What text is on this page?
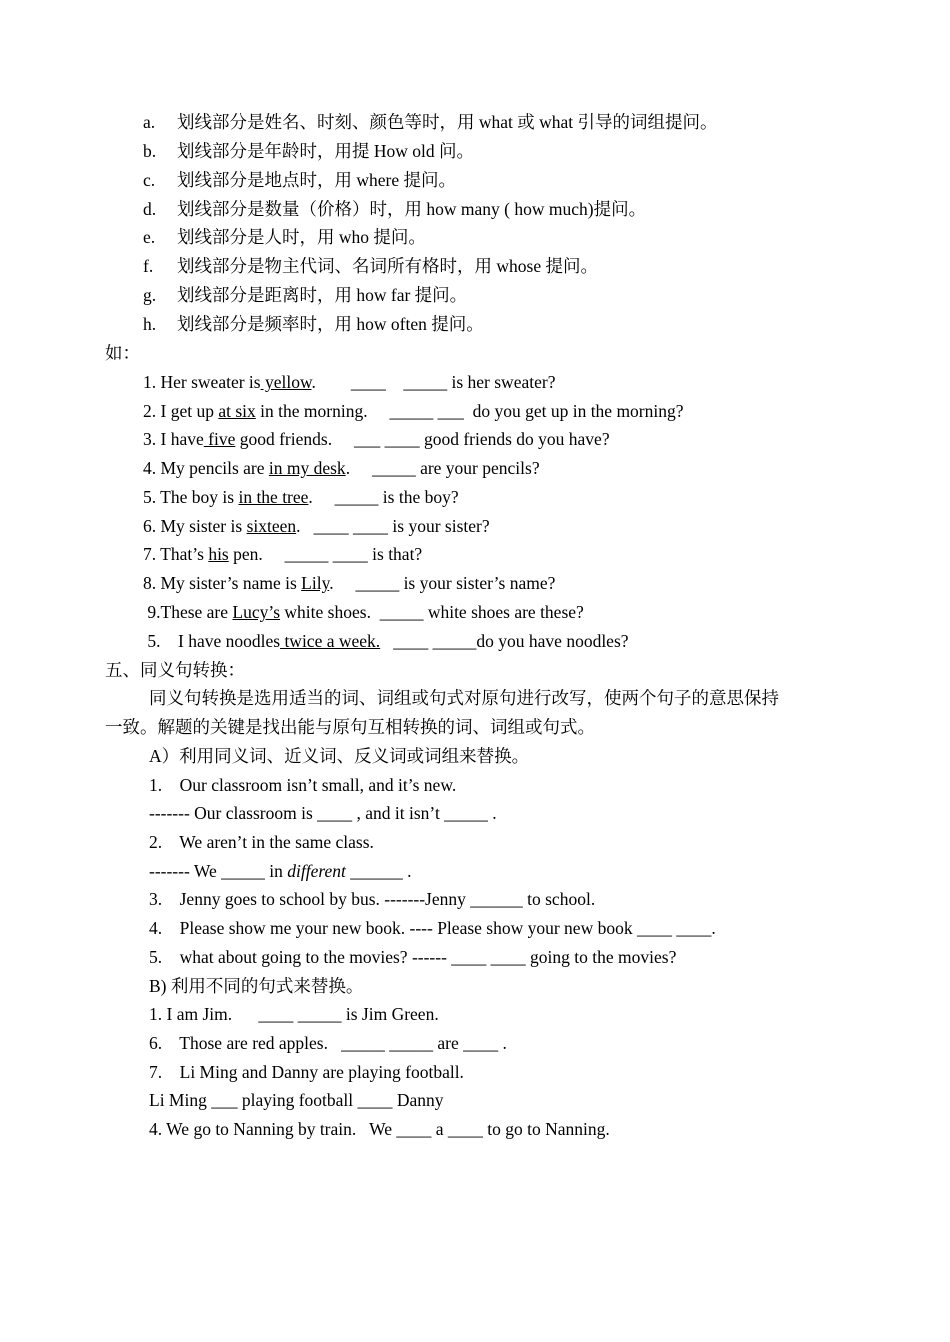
a. 划线部分是姓名、时刻、颜色等时，用 what 或 what 引导的词组提问。
b. 划线部分是年龄时，用提 How old 问。
c. 划线部分是地点时，用 where 提问。
d. 划线部分是数量（价格）时，用 how many ( how much)提问。
e. 划线部分是人时，用 who 提问。
f. 划线部分是物主代词、名词所有格时，用 whose 提问。
g. 划线部分是距离时，用 how far 提问。
h. 划线部分是频率时，用 how often 提问。
如：
1. Her sweater is yellow.        ____    _____ is her sweater?
2. I get up at six in the morning.     _____ ___  do you get up in the morning?
3. I have five good friends.     ___ ____ good friends do you have?
4. My pencils are in my desk.     _____ are your pencils?
5. The boy is in the tree.     _____ is the boy?
6. My sister is sixteen.   ____ ____ is your sister?
7. That’s his pen.     _____ ____ is that?
8. My sister’s name is Lily.     _____ is your sister’s name?
9.These are Lucy’s white shoes.  _____ white shoes are these?
5.    I have noodles twice a week.   ____ _____do you have noodles?
五、同义句转换：
同义句转换是选用适当的词、词组或句式对原句进行改写，使两个句子的意思保持
一致。解题的关键是找出能与原句互相转换的词、词组或句式。
A）利用同义词、近义词、反义词或词组来替换。
1.    Our classroom isn’t small, and it’s new.
------- Our classroom is ____ , and it isn’t _____ .
2.    We aren’t in the same class.
------- We _____ in different ______ .
3.    Jenny goes to school by bus. -------Jenny ______ to school.
4.    Please show me your new book. ---- Please show your new book ____ ____.
5.    what about going to the movies? ------ ____ ____ going to the movies?
B) 利用不同的句式来替换。
1. I am Jim.      ____ _____ is Jim Green.
6.    Those are red apples.   _____ _____ are ____ .
7.    Li Ming and Danny are playing football.
Li Ming ___ playing football ____ Danny
4. We go to Nanning by train.   We ____ a ____ to go to Nanning.
